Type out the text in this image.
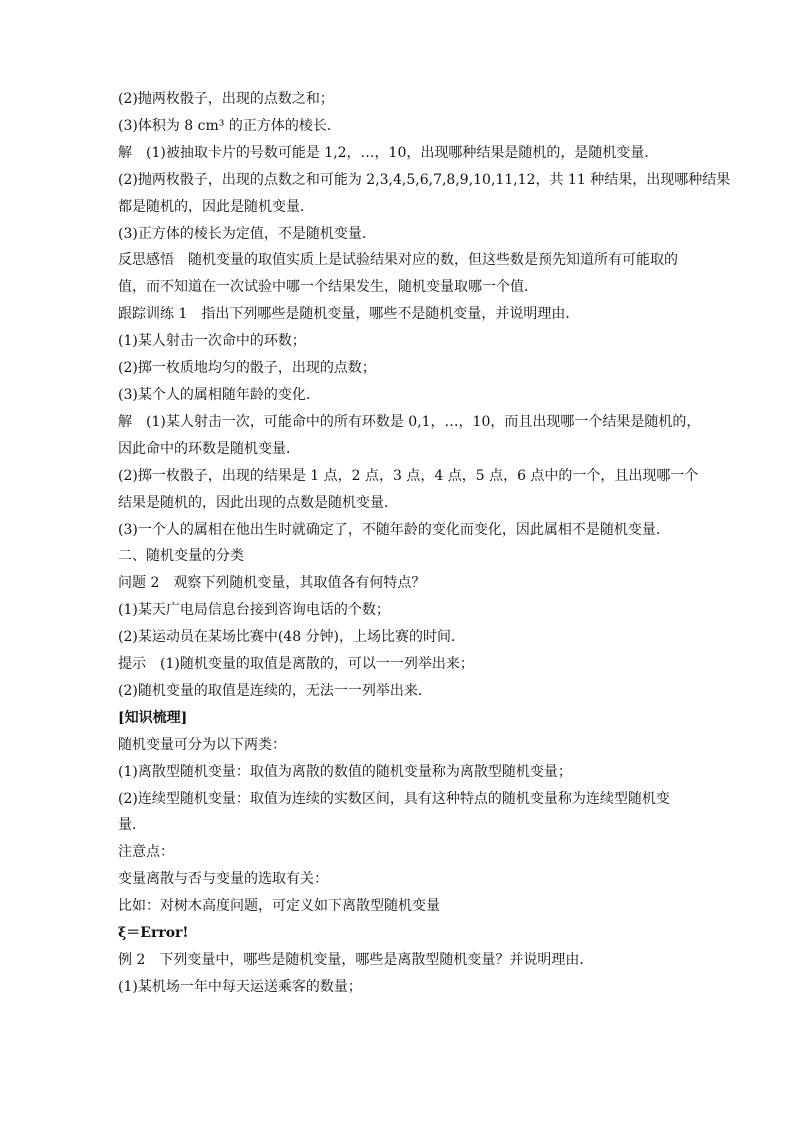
(2)抛两枚骰子，出现的点数之和；
(3)体积为 8 cm³ 的正方体的棱长．
解　(1)被抽取卡片的号数可能是 1,2，…，10，出现哪种结果是随机的，是随机变量．
(2)抛两枚骰子，出现的点数之和可能为 2,3,4,5,6,7,8,9,10,11,12，共 11 种结果，出现哪种结果
都是随机的，因此是随机变量．
(3)正方体的棱长为定值，不是随机变量．
反思感悟　随机变量的取值实质上是试验结果对应的数，但这些数是预先知道所有可能取的
值，而不知道在一次试验中哪一个结果发生，随机变量取哪一个值．
跟踪训练 1　指出下列哪些是随机变量，哪些不是随机变量，并说明理由．
(1)某人射击一次命中的环数；
(2)掷一枚质地均匀的骰子，出现的点数；
(3)某个人的属相随年龄的变化．
解　(1)某人射击一次，可能命中的所有环数是 0,1，…，10，而且出现哪一个结果是随机的，
因此命中的环数是随机变量．
(2)掷一枚骰子，出现的结果是 1 点，2 点，3 点，4 点，5 点，6 点中的一个，且出现哪一个
结果是随机的，因此出现的点数是随机变量．
(3)一个人的属相在他出生时就确定了，不随年龄的变化而变化，因此属相不是随机变量．
二、随机变量的分类
问题 2　观察下列随机变量，其取值各有何特点？
(1)某天广电局信息台接到咨询电话的个数；
(2)某运动员在某场比赛中(48 分钟)，上场比赛的时间．
提示　(1)随机变量的取值是离散的，可以一一列举出来；
(2)随机变量的取值是连续的，无法一一列举出来．
[知识梳理]
随机变量可分为以下两类：
(1)离散型随机变量：取值为离散的数值的随机变量称为离散型随机变量；
(2)连续型随机变量：取值为连续的实数区间，具有这种特点的随机变量称为连续型随机变
量．
注意点：
变量离散与否与变量的选取有关：
比如：对树木高度问题，可定义如下离散型随机变量
ξ＝Error!
例 2　下列变量中，哪些是随机变量，哪些是离散型随机变量？并说明理由．
(1)某机场一年中每天运送乘客的数量；
